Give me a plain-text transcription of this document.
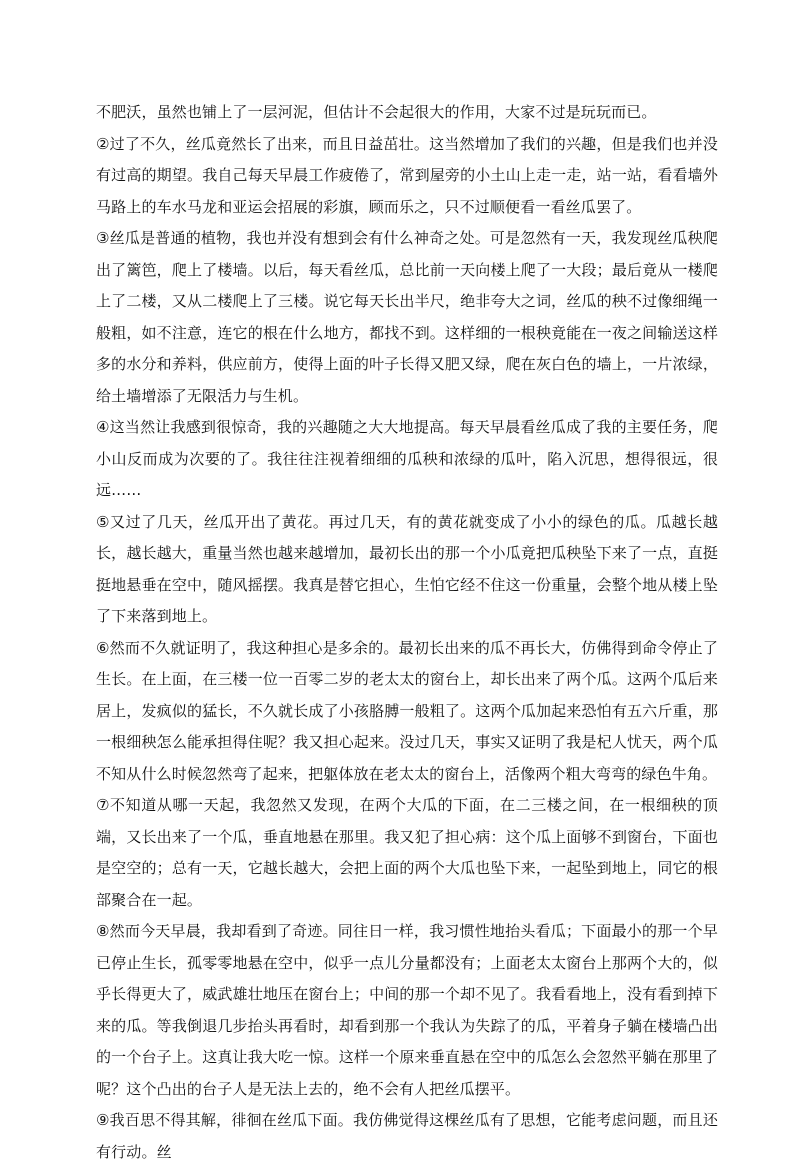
不肥沃，虽然也铺上了一层河泥，但估计不会起很大的作用，大家不过是玩玩而已。

②过了不久，丝瓜竟然长了出来，而且日益茁壮。这当然增加了我们的兴趣，但是我们也并没有过高的期望。我自己每天早晨工作疲倦了，常到屋旁的小土山上走一走，站一站，看看墙外马路上的车水马龙和亚运会招展的彩旗，顾而乐之，只不过顺便看一看丝瓜罢了。

③丝瓜是普通的植物，我也并没有想到会有什么神奇之处。可是忽然有一天，我发现丝瓜秧爬出了篱笆，爬上了楼墙。以后，每天看丝瓜，总比前一天向楼上爬了一大段；最后竟从一楼爬上了二楼，又从二楼爬上了三楼。说它每天长出半尺，绝非夸大之词，丝瓜的秧不过像细绳一般粗，如不注意，连它的根在什么地方，都找不到。这样细的一根秧竟能在一夜之间输送这样多的水分和养料，供应前方，使得上面的叶子长得又肥又绿，爬在灰白色的墙上，一片浓绿，给土墙增添了无限活力与生机。

④这当然让我感到很惊奇，我的兴趣随之大大地提高。每天早晨看丝瓜成了我的主要任务，爬小山反而成为次要的了。我往往注视着细细的瓜秧和浓绿的瓜叶，陷入沉思，想得很远，很远……

⑤又过了几天，丝瓜开出了黄花。再过几天，有的黄花就变成了小小的绿色的瓜。瓜越长越长，越长越大，重量当然也越来越增加，最初长出的那一个小瓜竟把瓜秧坠下来了一点，直挺挺地悬垂在空中，随风摇摆。我真是替它担心，生怕它经不住这一份重量，会整个地从楼上坠了下来落到地上。

⑥然而不久就证明了，我这种担心是多余的。最初长出来的瓜不再长大，仿佛得到命令停止了生长。在上面，在三楼一位一百零二岁的老太太的窗台上，却长出来了两个瓜。这两个瓜后来居上，发疯似的猛长，不久就长成了小孩胳膊一般粗了。这两个瓜加起来恐怕有五六斤重，那一根细秧怎么能承担得住呢？我又担心起来。没过几天，事实又证明了我是杞人忧天，两个瓜不知从什么时候忽然弯了起来，把躯体放在老太太的窗台上，活像两个粗大弯弯的绿色牛角。

⑦不知道从哪一天起，我忽然又发现，在两个大瓜的下面，在二三楼之间，在一根细秧的顶端，又长出来了一个瓜，垂直地悬在那里。我又犯了担心病：这个瓜上面够不到窗台，下面也是空空的；总有一天，它越长越大，会把上面的两个大瓜也坠下来，一起坠到地上，同它的根部聚合在一起。

⑧然而今天早晨，我却看到了奇迹。同往日一样，我习惯性地抬头看瓜；下面最小的那一个早已停止生长，孤零零地悬在空中，似乎一点儿分量都没有；上面老太太窗台上那两个大的，似乎长得更大了，威武雄壮地压在窗台上；中间的那一个却不见了。我看看地上，没有看到掉下来的瓜。等我倒退几步抬头再看时，却看到那一个我认为失踪了的瓜，平着身子躺在楼墙凸出的一个台子上。这真让我大吃一惊。这样一个原来垂直悬在空中的瓜怎么会忽然平躺在那里了呢？这个凸出的台子人是无法上去的，绝不会有人把丝瓜摆平。

⑨我百思不得其解，徘徊在丝瓜下面。我仿佛觉得这棵丝瓜有了思想，它能考虑问题，而且还有行动。丝
